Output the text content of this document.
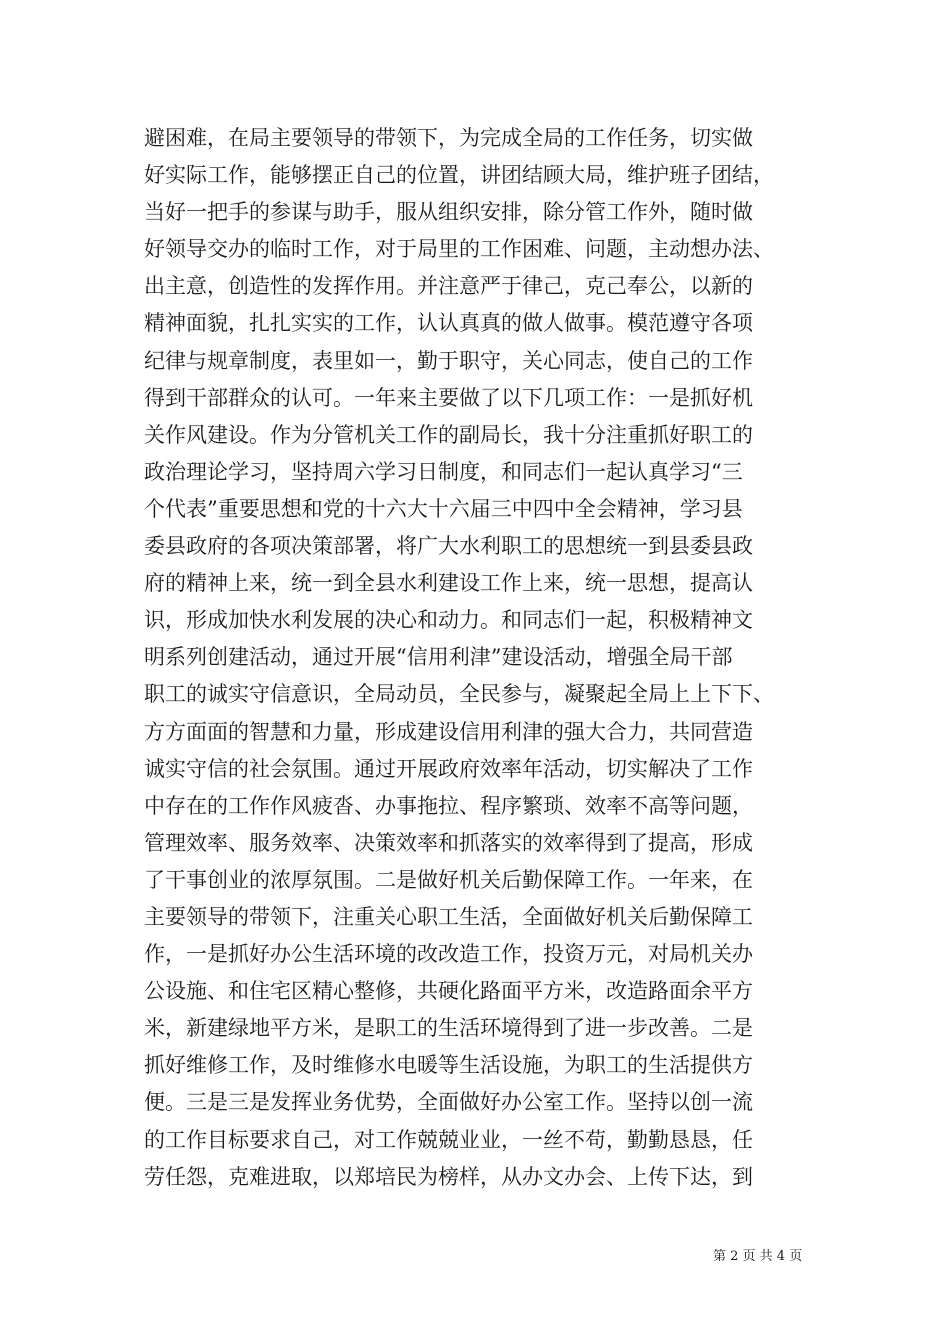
避困难，在局主要领导的带领下，为完成全局的工作任务，切实做
好实际工作，能够摆正自己的位置，讲团结顾大局，维护班子团结，
当好一把手的参谋与助手，服从组织安排，除分管工作外，随时做
好领导交办的临时工作，对于局里的工作困难、问题，主动想办法、
出主意，创造性的发挥作用。并注意严于律己，克己奉公，以新的
精神面貌，扎扎实实的工作，认认真真的做人做事。模范遵守各项
纪律与规章制度，表里如一，勤于职守，关心同志，使自己的工作
得到干部群众的认可。一年来主要做了以下几项工作：一是抓好机
关作风建设。作为分管机关工作的副局长，我十分注重抓好职工的
政治理论学习，坚持周六学习日制度，和同志们一起认真学习“三
个代表”重要思想和党的十六大十六届三中四中全会精神，学习县
委县政府的各项决策部署，将广大水利职工的思想统一到县委县政
府的精神上来，统一到全县水利建设工作上来，统一思想，提高认
识，形成加快水利发展的决心和动力。和同志们一起，积极精神文
明系列创建活动，通过开展“信用利津”建设活动，增强全局干部
职工的诚实守信意识，全局动员，全民参与，凝聚起全局上上下下、
方方面面的智慧和力量，形成建设信用利津的强大合力，共同营造
诚实守信的社会氛围。通过开展政府效率年活动，切实解决了工作
中存在的工作作风疲沓、办事拖拉、程序繁琐、效率不高等问题，
管理效率、服务效率、决策效率和抓落实的效率得到了提高，形成
了干事创业的浓厚氛围。二是做好机关后勤保障工作。一年来，在
主要领导的带领下，注重关心职工生活，全面做好机关后勤保障工
作，一是抓好办公生活环境的改改造工作，投资万元，对局机关办
公设施、和住宅区精心整修，共硬化路面平方米，改造路面余平方
米，新建绿地平方米，是职工的生活环境得到了进一步改善。二是
抓好维修工作，及时维修水电暖等生活设施，为职工的生活提供方
便。三是三是发挥业务优势，全面做好办公室工作。坚持以创一流
的工作目标要求自己，对工作兢兢业业，一丝不苟，勤勤恳恳，任
劳任怨，克难进取，以郑培民为榜样，从办文办会、上传下达，到
第 2 页 共 4 页
